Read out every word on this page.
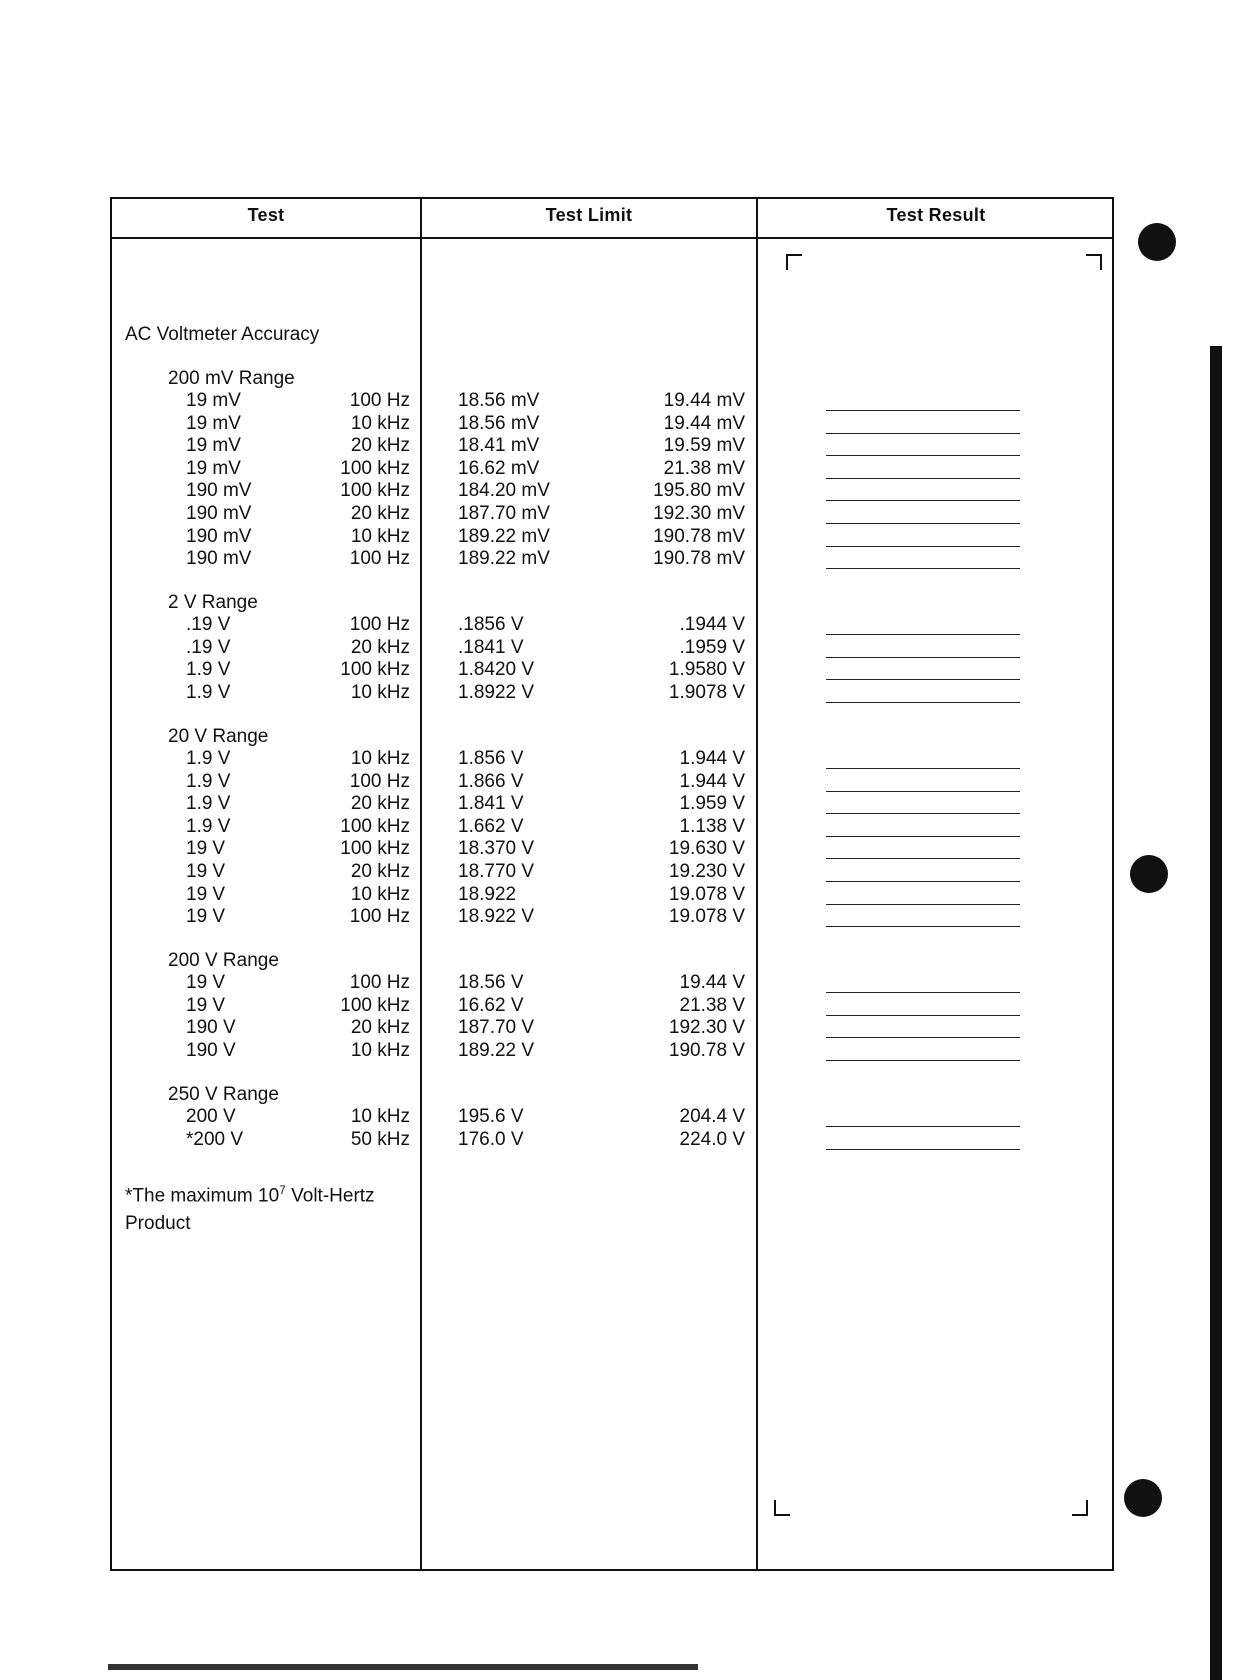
Test	Test Limit	Test Result
AC Voltmeter Accuracy
200 mV Range
19 mV	100 Hz	18.56 mV	19.44 mV
19 mV	10 kHz	18.56 mV	19.44 mV
19 mV	20 kHz	18.41 mV	19.59 mV
19 mV	100 kHz	16.62 mV	21.38 mV
190 mV	100 kHz	184.20 mV	195.80 mV
190 mV	20 kHz	187.70 mV	192.30 mV
190 mV	10 kHz	189.22 mV	190.78 mV
190 mV	100 Hz	189.22 mV	190.78 mV
2 V Range
.19 V	100 Hz	.1856 V	.1944 V
.19 V	20 kHz	.1841 V	.1959 V
1.9 V	100 kHz	1.8420 V	1.9580 V
1.9 V	10 kHz	1.8922 V	1.9078 V
20 V Range
1.9 V	10 kHz	1.856 V	1.944 V
1.9 V	100 Hz	1.866 V	1.944 V
1.9 V	20 kHz	1.841 V	1.959 V
1.9 V	100 kHz	1.662 V	1.138 V
19 V	100 kHz	18.370 V	19.630 V
19 V	20 kHz	18.770 V	19.230 V
19 V	10 kHz	18.922	19.078 V
19 V	100 Hz	18.922 V	19.078 V
200 V Range
19 V	100 Hz	18.56 V	19.44 V
19 V	100 kHz	16.62 V	21.38 V
190 V	20 kHz	187.70 V	192.30 V
190 V	10 kHz	189.22 V	190.78 V
250 V Range
200 V	10 kHz	195.6 V	204.4 V
*200 V	50 kHz	176.0 V	224.0 V
*The maximum $10^7$ Volt-Hertz
Product
